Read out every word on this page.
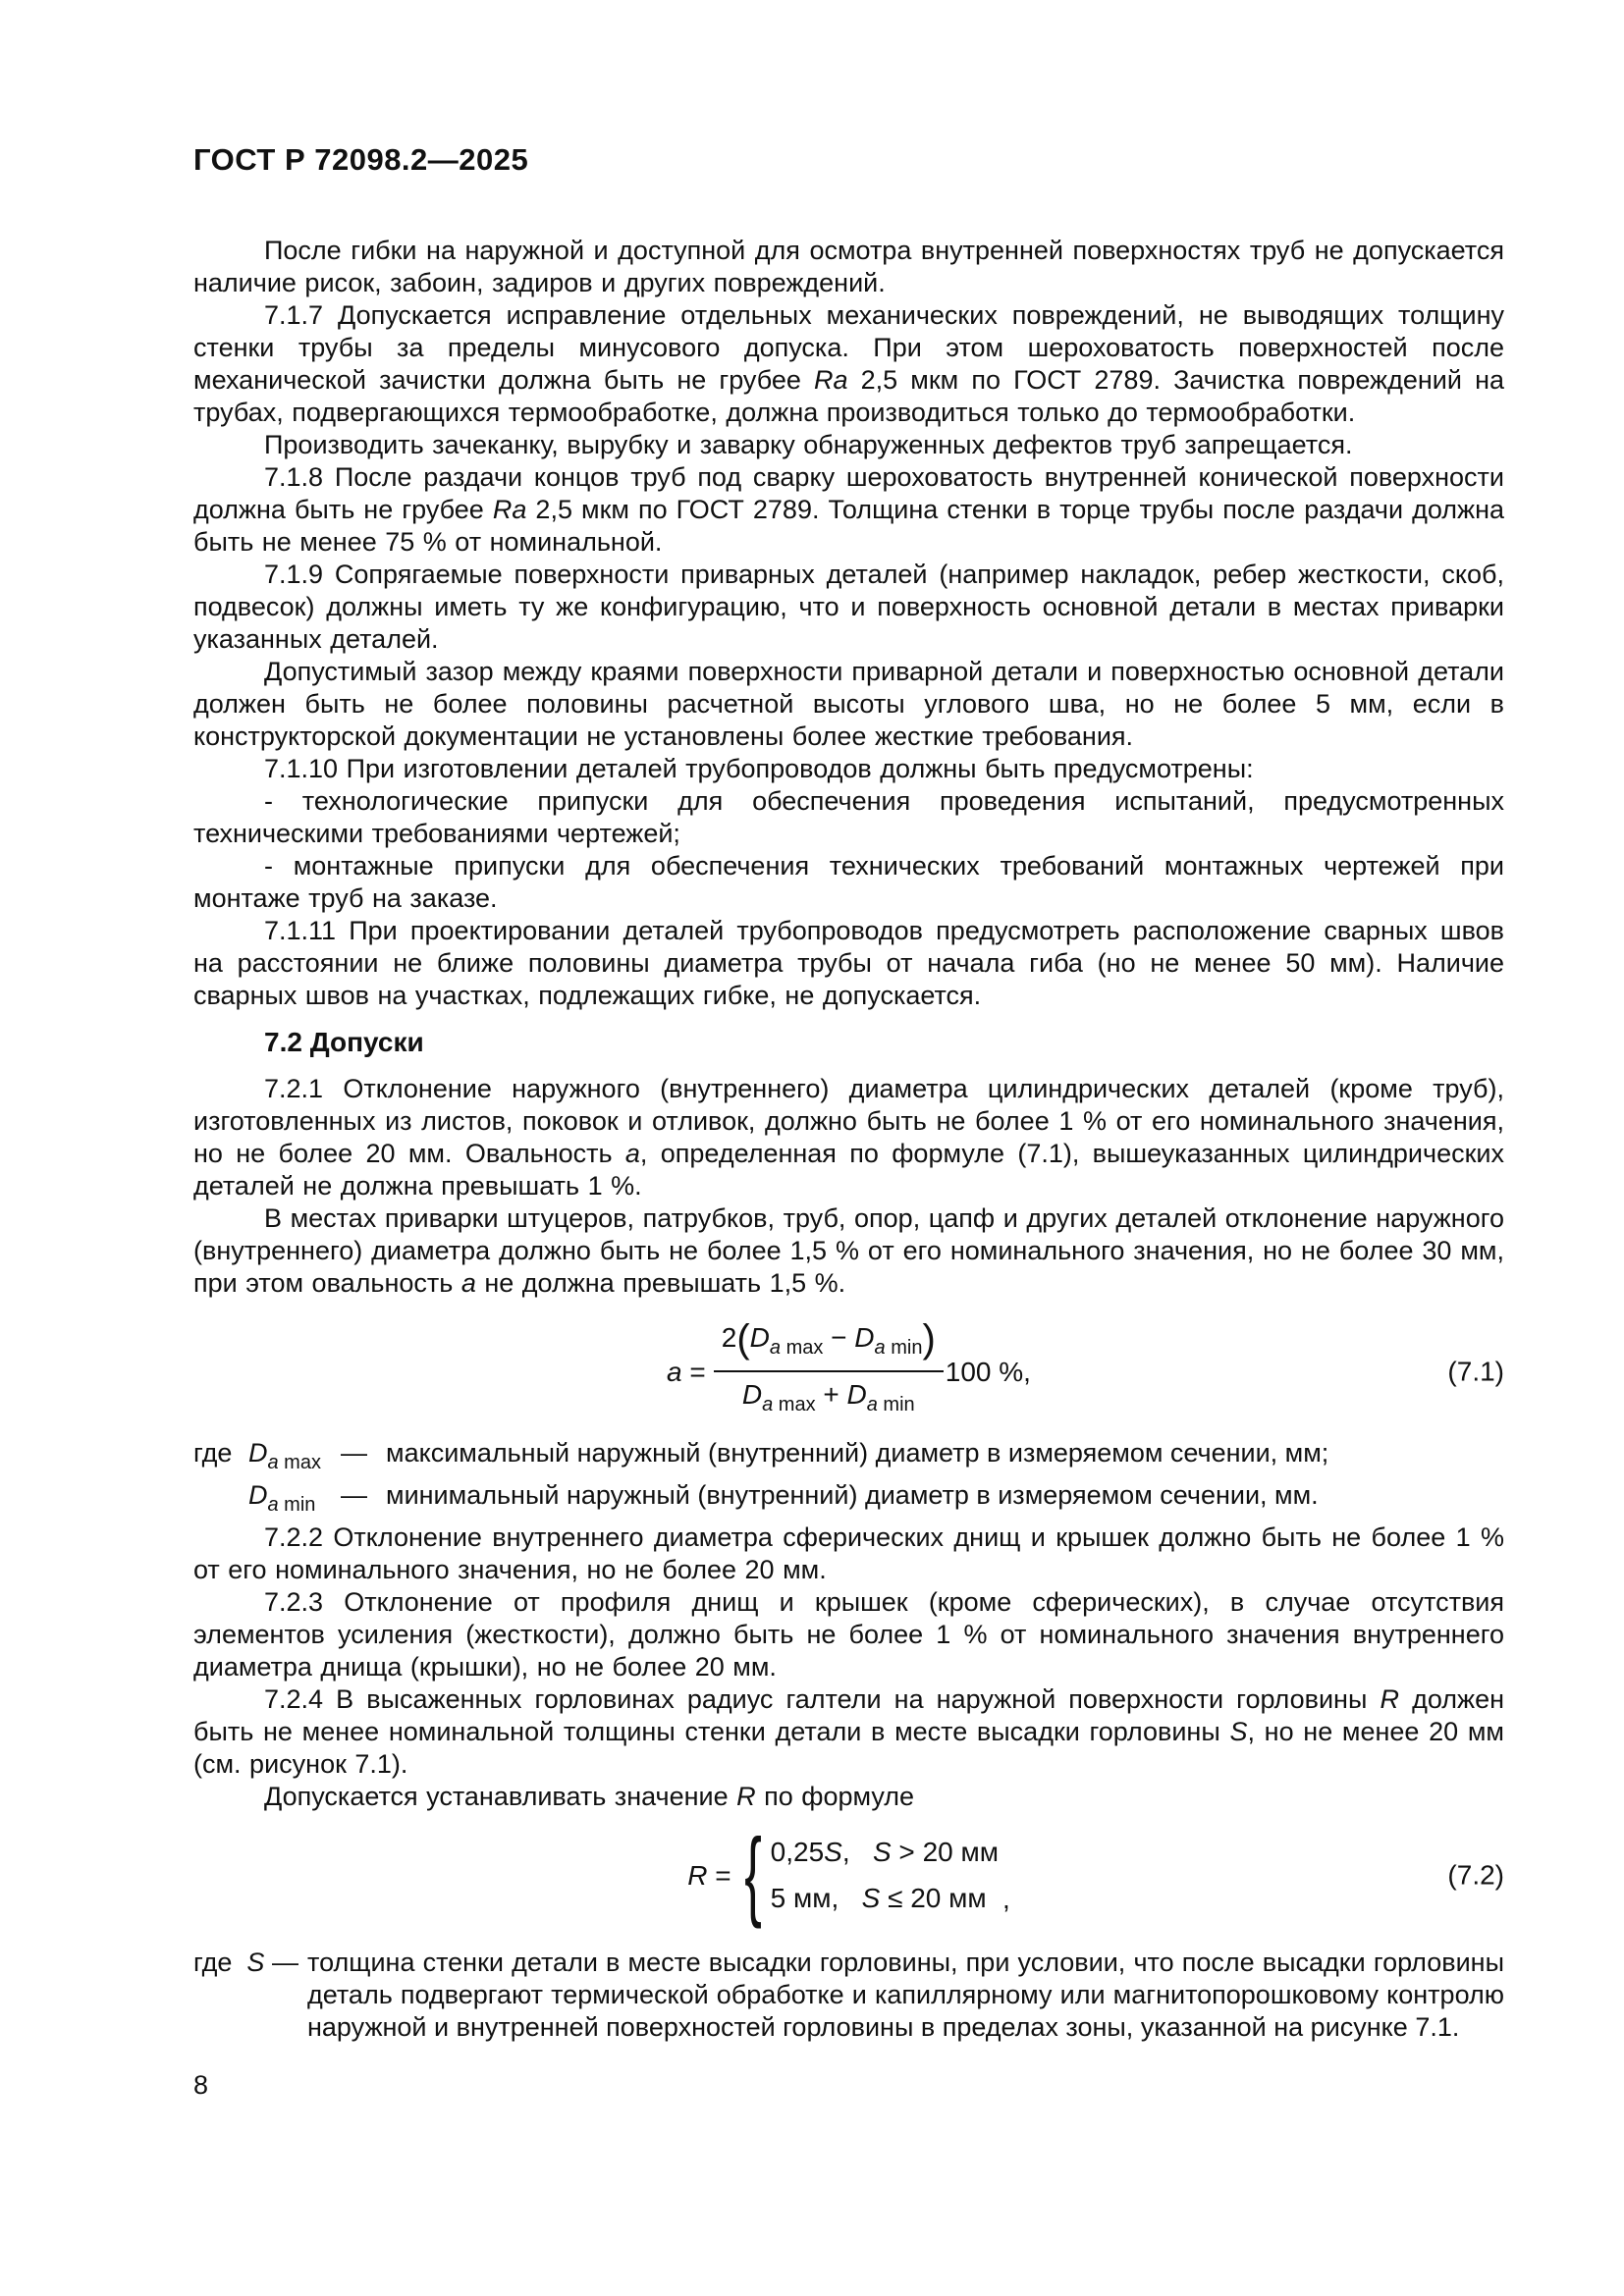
ГОСТ Р 72098.2—2025

После гибки на наружной и доступной для осмотра внутренней поверхностях труб не допускается наличие рисок, забоин, задиров и других повреждений.

7.1.7 Допускается исправление отдельных механических повреждений, не выводящих толщину стенки трубы за пределы минусового допуска. При этом шероховатость поверхностей после механической зачистки должна быть не грубее Ra 2,5 мкм по ГОСТ 2789. Зачистка повреждений на трубах, подвергающихся термообработке, должна производиться только до термообработки.

Производить зачеканку, вырубку и заварку обнаруженных дефектов труб запрещается.

7.1.8 После раздачи концов труб под сварку шероховатость внутренней конической поверхности должна быть не грубее Ra 2,5 мкм по ГОСТ 2789. Толщина стенки в торце трубы после раздачи должна быть не менее 75 % от номинальной.

7.1.9 Сопрягаемые поверхности приварных деталей (например накладок, ребер жесткости, скоб, подвесок) должны иметь ту же конфигурацию, что и поверхность основной детали в местах приварки указанных деталей.

Допустимый зазор между краями поверхности приварной детали и поверхностью основной детали должен быть не более половины расчетной высоты углового шва, но не более 5 мм, если в конструкторской документации не установлены более жесткие требования.

7.1.10 При изготовлении деталей трубопроводов должны быть предусмотрены:

- технологические припуски для обеспечения проведения испытаний, предусмотренных техническими требованиями чертежей;

- монтажные припуски для обеспечения технических требований монтажных чертежей при монтаже труб на заказе.

7.1.11 При проектировании деталей трубопроводов предусмотреть расположение сварных швов на расстоянии не ближе половины диаметра трубы от начала гиба (но не менее 50 мм). Наличие сварных швов на участках, подлежащих гибке, не допускается.

7.2 Допуски

7.2.1 Отклонение наружного (внутреннего) диаметра цилиндрических деталей (кроме труб), изготовленных из листов, поковок и отливок, должно быть не более 1 % от его номинального значения, но не более 20 мм. Овальность a, определенная по формуле (7.1), вышеуказанных цилиндрических деталей не должна превышать 1 %.

В местах приварки штуцеров, патрубков, труб, опор, цапф и других деталей отклонение наружного (внутреннего) диаметра должно быть не более 1,5 % от его номинального значения, но не более 30 мм, при этом овальность a не должна превышать 1,5 %.

$a = \frac{2(D_a _{max} - D_a _{min})}{D_a _{max} + D_a _{min}} 100$ %,	(7.1)
где $D_a$ $_{max}$ — максимальный наружный (внутренний) диаметр в измеряемом сечении, мм;
$D_a$ $_{min}$ — минимальный наружный (внутренний) диаметр в измеряемом сечении, мм.

7.2.2 Отклонение внутреннего диаметра сферических днищ и крышек должно быть не более 1 % от его номинального значения, но не более 20 мм.

7.2.3 Отклонение от профиля днищ и крышек (кроме сферических), в случае отсутствия элементов усиления (жесткости), должно быть не более 1 % от номинального значения внутреннего диаметра днища (крышки), но не более 20 мм.

7.2.4 В высаженных горловинах радиус галтели на наружной поверхности горловины R должен быть не менее номинальной толщины стенки детали в месте высадки горловины S, но не менее 20 мм (см. рисунок 7.1).

Допускается устанавливать значение R по формуле

R = { 0,25S,   S > 20 мм
5 мм,   S ≤ 20 мм ,
(7.2)
где  S — толщина стенки детали в месте высадки горловины, при условии, что после высадки горловины деталь подвергают термической обработке и капиллярному или магнитопорошковому контролю наружной и внутренней поверхностей горловины в пределах зоны, указанной на рисунке 7.1.
8
